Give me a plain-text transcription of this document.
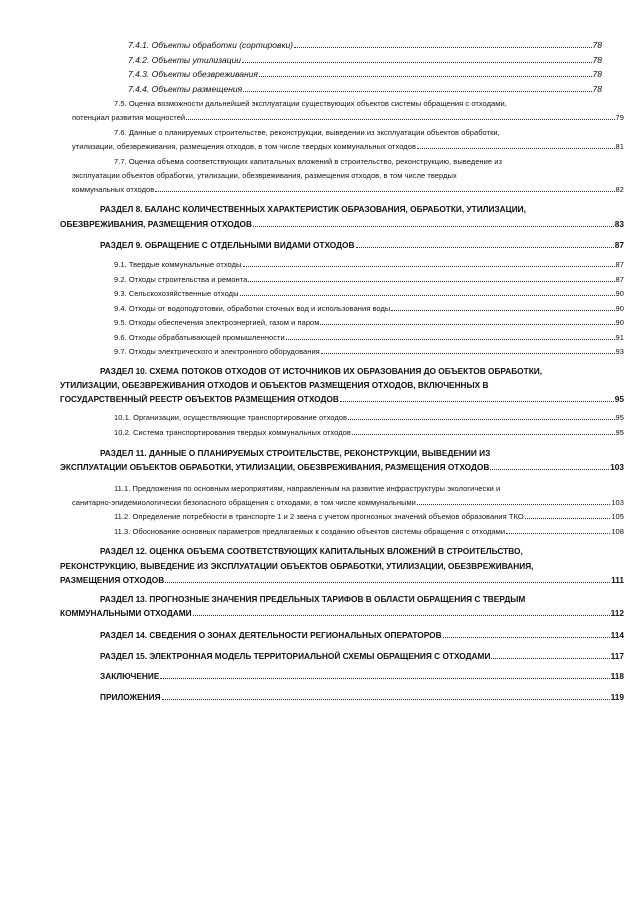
7.4.1. Объекты обработки (сортировки)	78
7.4.2. Объекты утилизации	78
7.4.3. Объекты обезвреживания	78
7.4.4. Объекты размещения	78
7.5. Оценка возможности дальнейшей эксплуатации существующих объектов системы обращения с отходами,
потенциал развития мощностей	79
7.6. Данные о планируемых строительстве, реконструкции, выведении из эксплуатации объектов обработки,
утилизации, обезвреживания, размещения отходов, в том числе твердых коммунальных отходов	81
7.7. Оценка объема соответствующих капитальных вложений в строительство, реконструкцию, выведение из
эксплуатации объектов обработки, утилизации, обезвреживания, размещения отходов, в том числе твердых
коммунальных отходов	82
РАЗДЕЛ 8. БАЛАНС КОЛИЧЕСТВЕННЫХ ХАРАКТЕРИСТИК ОБРАЗОВАНИЯ, ОБРАБОТКИ, УТИЛИЗАЦИИ,
ОБЕЗВРЕЖИВАНИЯ, РАЗМЕЩЕНИЯ ОТХОДОВ	83
РАЗДЕЛ 9. ОБРАЩЕНИЕ С ОТДЕЛЬНЫМИ ВИДАМИ ОТХОДОВ	87
9.1. Твердые коммунальные отходы	87
9.2. Отходы строительства и ремонта	87
9.3. Сельскохозяйственные отходы	90
9.4. Отходы от водоподготовки, обработки сточных вод и использования воды	90
9.5. Отходы обеспечения электроэнергией, газом и паром	90
9.6. Отходы обрабатывающей промышленности	91
9.7. Отходы электрического и электронного оборудования	93
РАЗДЕЛ 10. СХЕМА ПОТОКОВ ОТХОДОВ ОТ ИСТОЧНИКОВ ИХ ОБРАЗОВАНИЯ ДО ОБЪЕКТОВ ОБРАБОТКИ,
УТИЛИЗАЦИИ, ОБЕЗВРЕЖИВАНИЯ ОТХОДОВ И ОБЪЕКТОВ РАЗМЕЩЕНИЯ ОТХОДОВ, ВКЛЮЧЕННЫХ В
ГОСУДАРСТВЕННЫЙ РЕЕСТР ОБЪЕКТОВ РАЗМЕЩЕНИЯ ОТХОДОВ	95
10.1. Организации, осуществляющие транспортирование отходов	95
10.2. Система транспортирования твердых коммунальных отходов	95
РАЗДЕЛ 11. ДАННЫЕ О ПЛАНИРУЕМЫХ СТРОИТЕЛЬСТВЕ, РЕКОНСТРУКЦИИ, ВЫВЕДЕНИИ ИЗ
ЭКСПЛУАТАЦИИ ОБЪЕКТОВ ОБРАБОТКИ, УТИЛИЗАЦИИ, ОБЕЗВРЕЖИВАНИЯ, РАЗМЕЩЕНИЯ ОТХОДОВ	103
11.1. Предложения по основным мероприятиям, направленным на развитие инфраструктуры экологически и
санитарно-эпидемиологически безопасного обращения с отходами, в том числе коммунальными	103
11.2. Определение потребности в транспорте 1 и 2 звена с учетом прогнозных значений объемов образования ТКО	105
11.3. Обоснование основных параметров предлагаемых к созданию объектов системы обращения с отходами	108
РАЗДЕЛ 12. ОЦЕНКА ОБЪЕМА СООТВЕТСТВУЮЩИХ КАПИТАЛЬНЫХ ВЛОЖЕНИЙ В СТРОИТЕЛЬСТВО,
РЕКОНСТРУКЦИЮ, ВЫВЕДЕНИЕ ИЗ ЭКСПЛУАТАЦИИ ОБЪЕКТОВ ОБРАБОТКИ, УТИЛИЗАЦИИ, ОБЕЗВРЕЖИВАНИЯ,
РАЗМЕЩЕНИЯ ОТХОДОВ	111
РАЗДЕЛ 13. ПРОГНОЗНЫЕ ЗНАЧЕНИЯ ПРЕДЕЛЬНЫХ ТАРИФОВ В ОБЛАСТИ ОБРАЩЕНИЯ С ТВЕРДЫМ
КОММУНАЛЬНЫМИ ОТХОДАМИ	112
РАЗДЕЛ 14. СВЕДЕНИЯ О ЗОНАХ ДЕЯТЕЛЬНОСТИ РЕГИОНАЛЬНЫХ ОПЕРАТОРОВ	114
РАЗДЕЛ 15. ЭЛЕКТРОННАЯ МОДЕЛЬ ТЕРРИТОРИАЛЬНОЙ СХЕМЫ ОБРАЩЕНИЯ С ОТХОДАМИ	117
ЗАКЛЮЧЕНИЕ	118
ПРИЛОЖЕНИЯ	119
